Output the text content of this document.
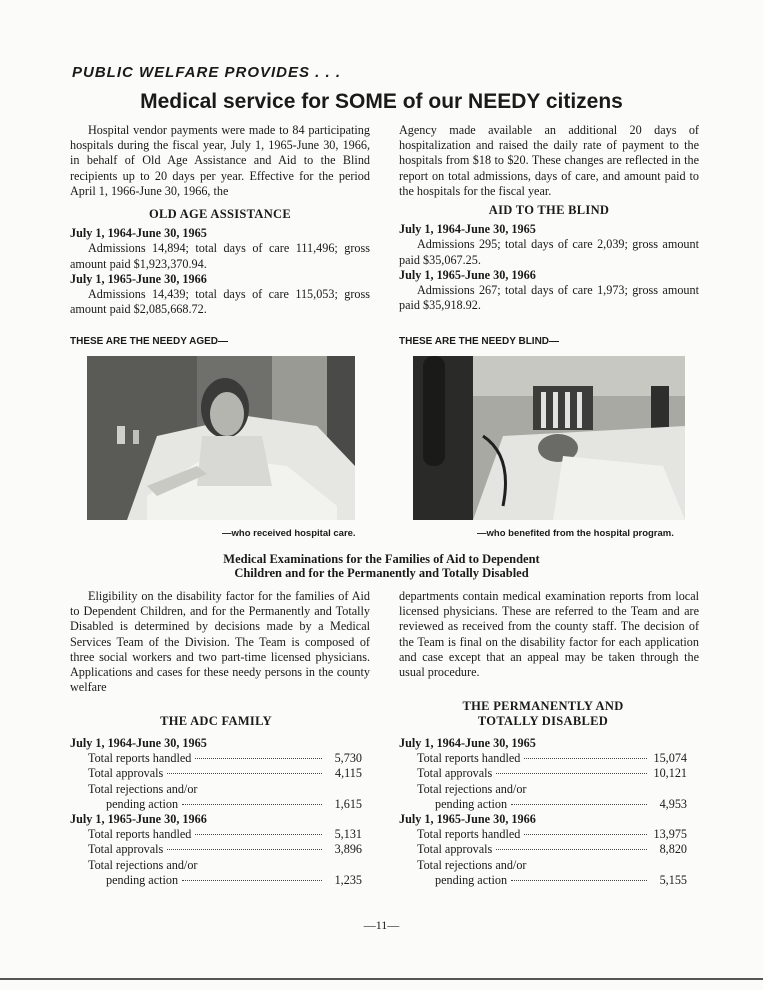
PUBLIC WELFARE PROVIDES . . .
Medical service for SOME of our NEEDY citizens

Hospital vendor payments were made to 84 participating hospitals during the fiscal year, July 1, 1965-June 30, 1966, in behalf of Old Age Assistance and Aid to the Blind recipients up to 20 days per year. Effective for the period April 1, 1966-June 30, 1966, the

OLD AGE ASSISTANCE
July 1, 1964-June 30, 1965

Admissions 14,894; total days of care 111,496; gross amount paid $1,923,370.94.

July 1, 1965-June 30, 1966

Admissions 14,439; total days of care 115,053; gross amount paid $2,085,668.72.

Agency made available an additional 20 days of hospitalization and raised the daily rate of payment to the hospitals from $18 to $20. These changes are reflected in the report on total admissions, days of care, and amount paid to the hospitals for the fiscal year.

AID TO THE BLIND
July 1, 1964-June 30, 1965

Admissions 295; total days of care 2,039; gross amount paid $35,067.25.

July 1, 1965-June 30, 1966

Admissions 267; total days of care 1,973; gross amount paid $35,918.92.

THESE ARE THE NEEDY AGED—	THESE ARE THE NEEDY BLIND—
—who received hospital care.	—who benefited from the hospital program.
Medical Examinations for the Families of Aid to Dependent
Children and for the Permanently and Totally Disabled

Eligibility on the disability factor for the families of Aid to Dependent Children, and for the Permanently and Totally Disabled is determined by decisions made by a Medical Services Team of the Division. The Team is composed of three social workers and two part-time licensed physicians. Applications and cases for these needy persons in the county welfare

departments contain medical examination reports from local licensed physicians. These are referred to the Team and are reviewed as received from the county staff. The decision of the Team is final on the disability factor for each application and case except that an appeal may be taken through the usual procedure.

THE ADC FAMILY
July 1, 1964-June 30, 1965
Total reports handled	5,730
Total approvals	4,115
Total rejections and/or
pending action	1,615
July 1, 1965-June 30, 1966
Total reports handled	5,131
Total approvals	3,896
Total rejections and/or
pending action	1,235
THE PERMANENTLY AND
TOTALLY DISABLED
July 1, 1964-June 30, 1965
Total reports handled	15,074
Total approvals	10,121
Total rejections and/or
pending action	4,953
July 1, 1965-June 30, 1966
Total reports handled	13,975
Total approvals	8,820
Total rejections and/or
pending action	5,155
—11—
